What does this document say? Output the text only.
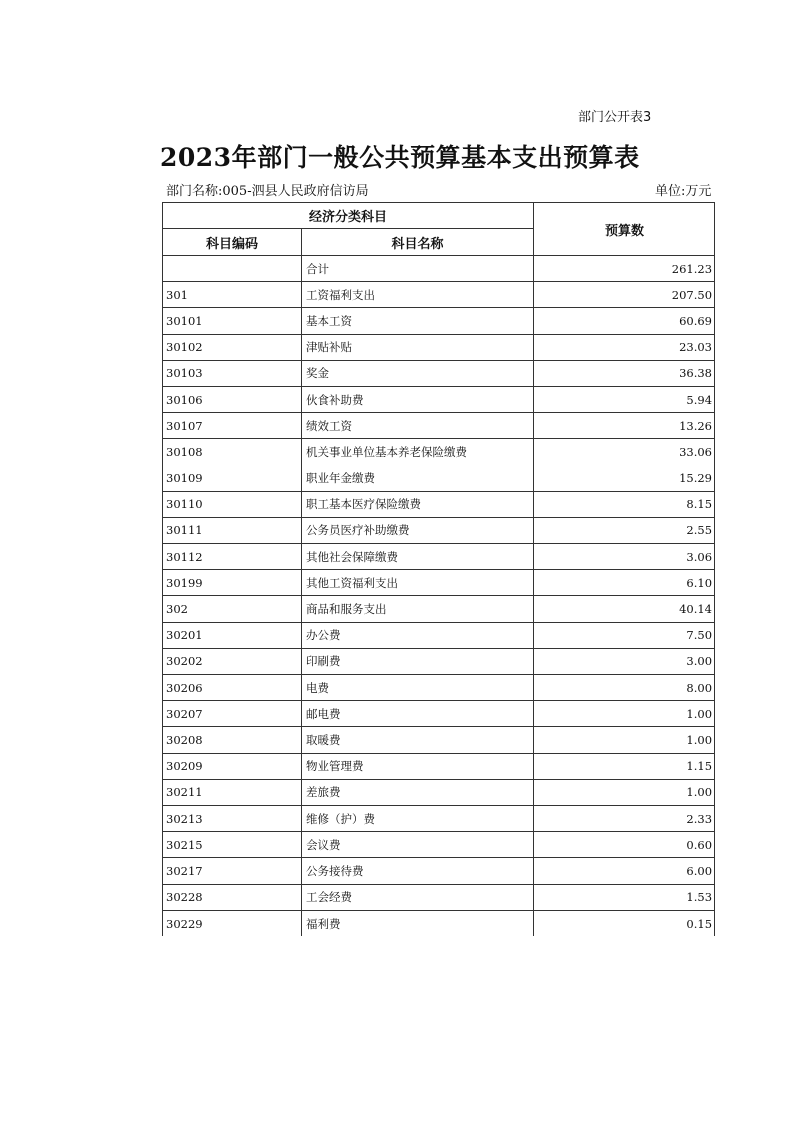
部门公开表3
2023年部门一般公共预算基本支出预算表
部门名称:005-泗县人民政府信访局	单位:万元
经济分类科目		预算数
科目编码	科目名称	
	合计	261.23
301	工资福利支出	207.50
30101	基本工资	60.69
30102	津贴补贴	23.03
30103	奖金	36.38
30106	伙食补助费	5.94
30107	绩效工资	13.26
30108	机关事业单位基本养老保险缴费	33.06
30109	职业年金缴费	15.29
30110	职工基本医疗保险缴费	8.15
30111	公务员医疗补助缴费	2.55
30112	其他社会保障缴费	3.06
30199	其他工资福利支出	6.10
302	商品和服务支出	40.14
30201	办公费	7.50
30202	印刷费	3.00
30206	电费	8.00
30207	邮电费	1.00
30208	取暖费	1.00
30209	物业管理费	1.15
30211	差旅费	1.00
30213	维修（护）费	2.33
30215	会议费	0.60
30217	公务接待费	6.00
30228	工会经费	1.53
30229	福利费	0.15
